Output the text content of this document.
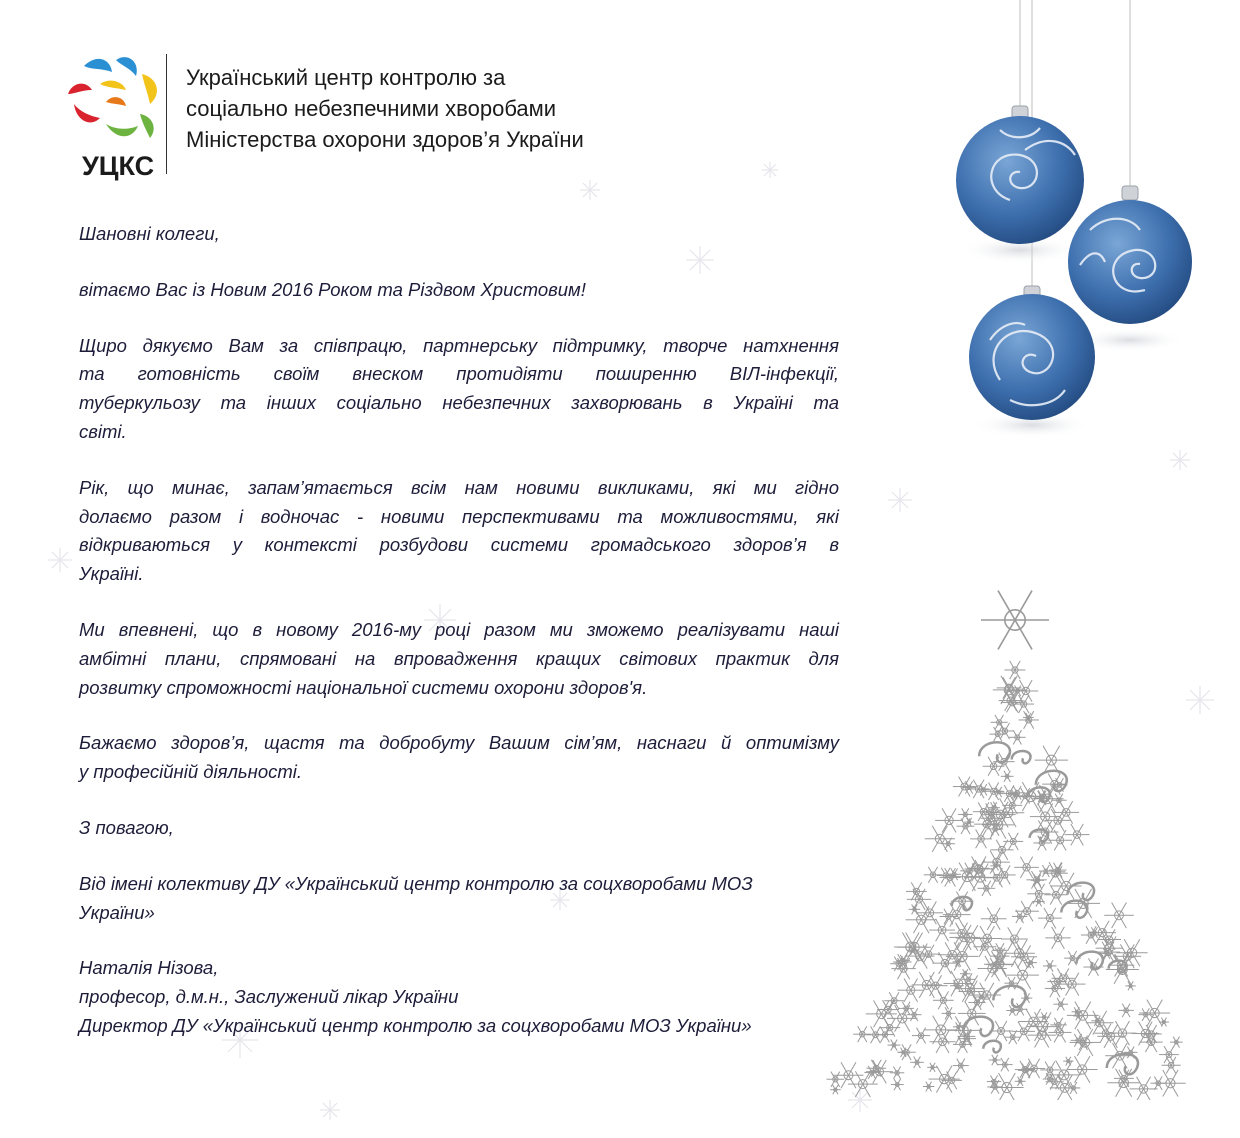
УЦКС
Український центр контролю за
соціально небезпечними хворобами
Міністерства охорони здоров’я України

Шановні колеги,

вітаємо Вас із Новим 2016 Роком та Різдвом Христовим!

Щиро дякуємо Вам за співпрацю, партнерську підтримку, творче натхнення
та готовність своїм внеском протидіяти поширенню ВІЛ-інфекції,
туберкульозу та інших соціально небезпечних захворювань в Україні та
світі.

Рік, що минає, запам’ятається всім нам новими викликами, які ми гідно
долаємо разом і водночас - новими перспективами та можливостями, які
відкриваються у контексті розбудови системи громадського здоров’я в
Україні.

Ми впевнені, що в новому 2016-му році разом ми зможемо реалізувати наші
амбітні плани, спрямовані на впровадження кращих світових практик для
розвитку спроможності національної системи охорони здоров'я.

Бажаємо здоров’я, щастя та добробуту Вашим сім’ям, наснаги й оптимізму
у професійній діяльності.

З повагою,

Від імені колективу ДУ «Український центр контролю за соцхворобами МОЗ
України»

Наталія Нізова,
професор, д.м.н., Заслужений лікар України
Директор ДУ «Український центр контролю за соцхворобами МОЗ України»
